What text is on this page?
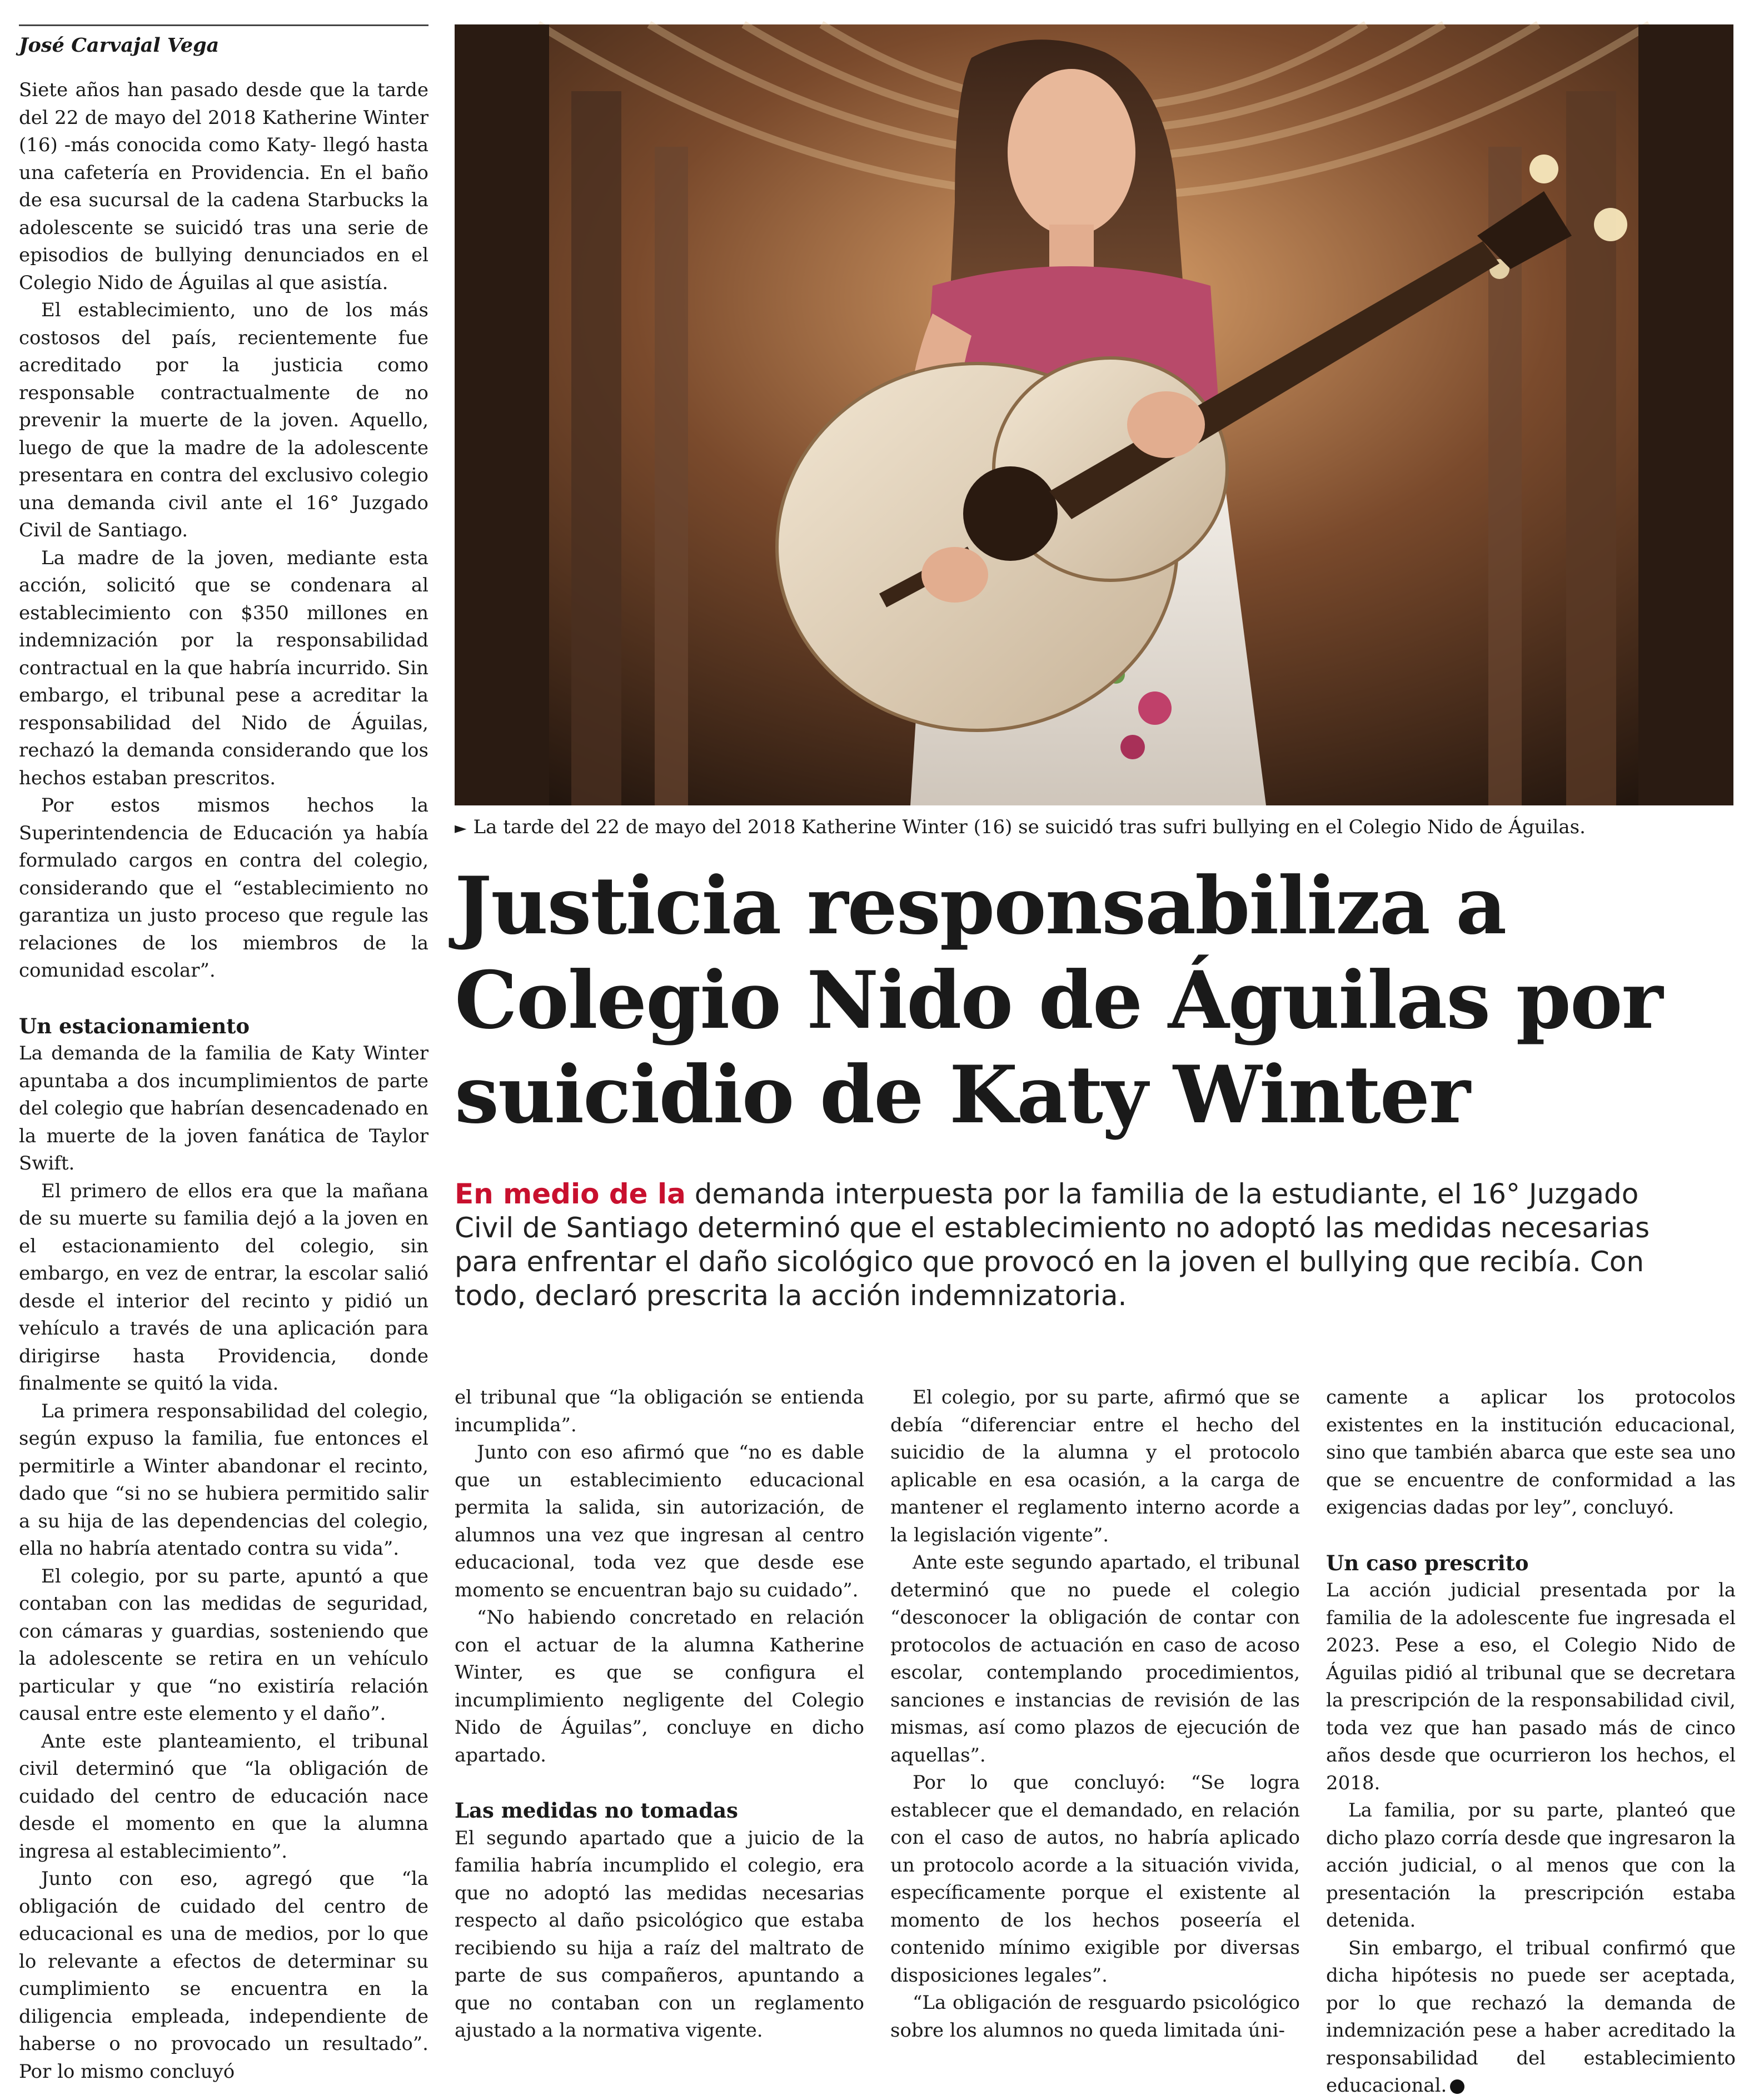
José Carvajal Vega

Siete años han pasado desde que la tarde del 22 de mayo del 2018 Katherine Winter (16) -más conocida como Katy- llegó hasta una cafetería en Providencia. En el baño de esa sucursal de la cadena Starbucks la adolescente se suicidó tras una serie de episodios de bullying denunciados en el Colegio Nido de Águilas al que asistía.

El establecimiento, uno de los más costosos del país, recientemente fue acreditado por la justicia como responsable contractualmente de no prevenir la muerte de la joven. Aquello, luego de que la madre de la adolescente presentara en contra del exclusivo colegio una demanda civil ante el 16° Juzgado Civil de Santiago.

La madre de la joven, mediante esta acción, solicitó que se condenara al establecimiento con $350 millones en indemnización por la responsabilidad contractual en la que habría incurrido. Sin embargo, el tribunal pese a acreditar la responsabilidad del Nido de Águilas, rechazó la demanda considerando que los hechos estaban prescritos.

Por estos mismos hechos la Superintendencia de Educación ya había formulado cargos en contra del colegio, considerando que el “establecimiento no garantiza un justo proceso que regule las relaciones de los miembros de la comunidad escolar”.

Un estacionamiento

La demanda de la familia de Katy Winter apuntaba a dos incumplimientos de parte del colegio que habrían desencadenado en la muerte de la joven fanática de Taylor Swift.

El primero de ellos era que la mañana de su muerte su familia dejó a la joven en el estacionamiento del colegio, sin embargo, en vez de entrar, la escolar salió desde el interior del recinto y pidió un vehículo a través de una aplicación para dirigirse hasta Providencia, donde finalmente se quitó la vida.

La primera responsabilidad del colegio, según expuso la familia, fue entonces el permitirle a Winter abandonar el recinto, dado que “si no se hubiera permitido salir a su hija de las dependencias del colegio, ella no habría atentado contra su vida”.

El colegio, por su parte, apuntó a que contaban con las medidas de seguridad, con cámaras y guardias, sosteniendo que la adolescente se retira en un vehículo particular y que “no existiría relación causal entre este elemento y el daño”.

Ante este planteamiento, el tribunal civil determinó que “la obligación de cuidado del centro de educación nace desde el momento en que la alumna ingresa al establecimiento”.

Junto con eso, agregó que “la obligación de cuidado del centro de educacional es una de medios, por lo que lo relevante a efectos de determinar su cumplimiento se encuentra en la diligencia empleada, independiente de haberse o no provocado un resultado”. Por lo mismo concluyó

► La tarde del 22 de mayo del 2018 Katherine Winter (16) se suicidó tras sufri bullying en el Colegio Nido de Águilas.
Justicia responsabiliza a
Colegio Nido de Águilas por
suicidio de Katy Winter
En medio de la demanda interpuesta por la familia de la estudiante, el 16° Juzgado Civil de Santiago determinó que el establecimiento no adoptó las medidas necesarias para enfrentar el daño sicológico que provocó en la joven el bullying que recibía. Con todo, declaró prescrita la acción indemnizatoria.

el tribunal que “la obligación se entienda incumplida”.

Junto con eso afirmó que “no es dable que un establecimiento educacional permita la salida, sin autorización, de alumnos una vez que ingresan al centro educacional, toda vez que desde ese momento se encuentran bajo su cuidado”.

“No habiendo concretado en relación con el actuar de la alumna Katherine Winter, es que se configura el incumplimiento negligente del Colegio Nido de Águilas”, concluye en dicho apartado.

Las medidas no tomadas

El segundo apartado que a juicio de la familia habría incumplido el colegio, era que no adoptó las medidas necesarias respecto al daño psicológico que estaba recibiendo su hija a raíz del maltrato de parte de sus compañeros, apuntando a que no contaban con un reglamento ajustado a la normativa vigente.

El colegio, por su parte, afirmó que se debía “diferenciar entre el hecho del suicidio de la alumna y el protocolo aplicable en esa ocasión, a la carga de mantener el reglamento interno acorde a la legislación vigente”.

Ante este segundo apartado, el tribunal determinó que no puede el colegio “desconocer la obligación de contar con protocolos de actuación en caso de acoso escolar, contemplando procedimientos, sanciones e instancias de revisión de las mismas, así como plazos de ejecución de aquellas”.

Por lo que concluyó: “Se logra establecer que el demandado, en relación con el caso de autos, no habría aplicado un protocolo acorde a la situación vivida, específicamente porque el existente al momento de los hechos poseería el contenido mínimo exigible por diversas disposiciones legales”.

“La obligación de resguardo psicológico sobre los alumnos no queda limitada úni-

camente a aplicar los protocolos existentes en la institución educacional, sino que también abarca que este sea uno que se encuentre de conformidad a las exigencias dadas por ley”, concluyó.

Un caso prescrito

La acción judicial presentada por la familia de la adolescente fue ingresada el 2023. Pese a eso, el Colegio Nido de Águilas pidió al tribunal que se decretara la prescripción de la responsabilidad civil, toda vez que han pasado más de cinco años desde que ocurrieron los hechos, el 2018.

La familia, por su parte, planteó que dicho plazo corría desde que ingresaron la acción judicial, o al menos que con la presentación la prescripción estaba detenida.

Sin embargo, el tribual confirmó que dicha hipótesis no puede ser aceptada, por lo que rechazó la demanda de indemnización pese a haber acreditado la responsabilidad del establecimiento educacional.
